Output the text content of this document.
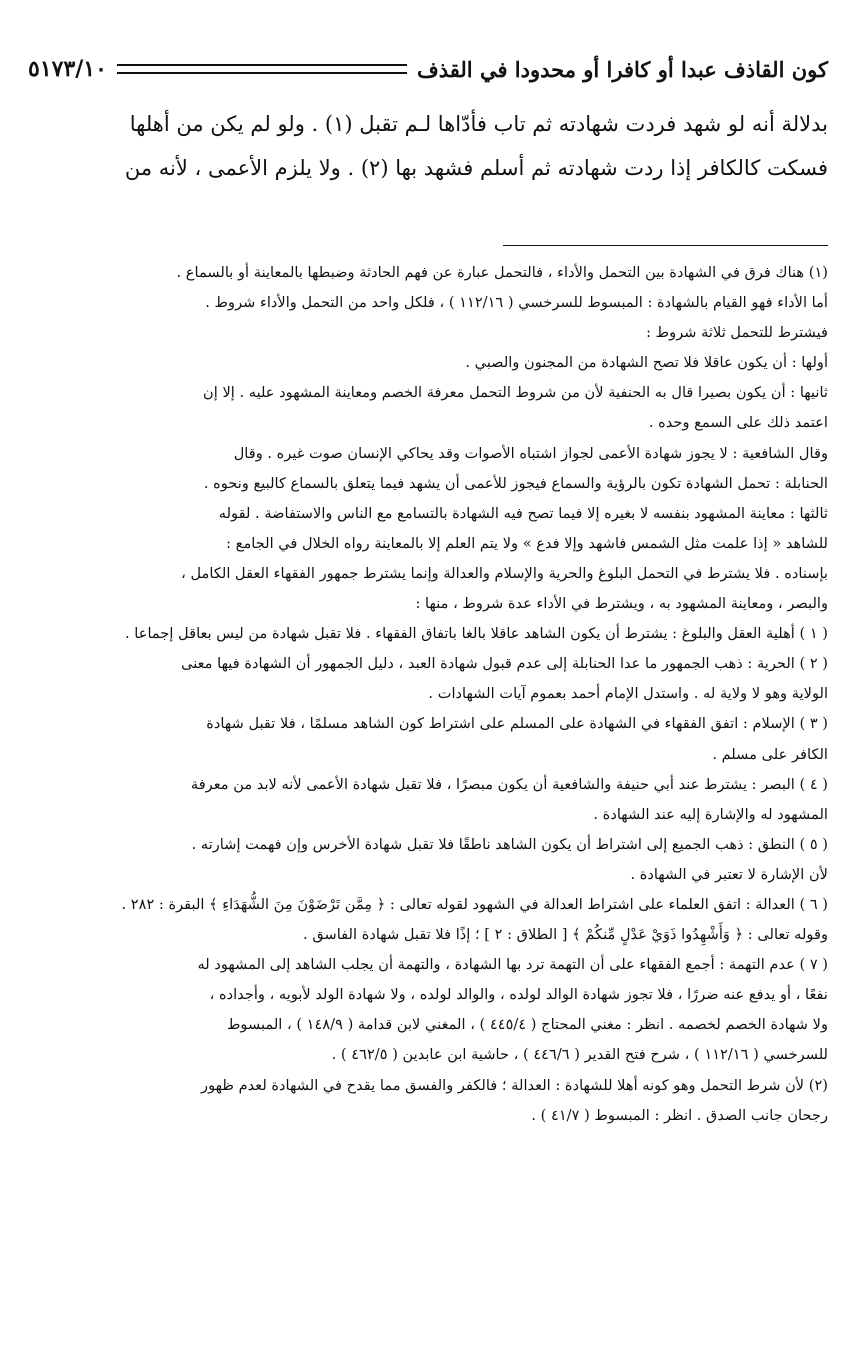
كون القاذف عبدا أو كافرا أو محدودا في القذف
٥١٧٣/١٠

بدلالة أنه لو شهد فردت شهادته ثم تاب فأدّاها لـم تقبل (١) . ولو لم يكن من أهلها

فسكت كالكافر إذا ردت شهادته ثم أسلم فشهد بها (٢) . ولا يلزم الأعمى ، لأنه من

(١) هناك فرق في الشهادة بين التحمل والأداء ، فالتحمل عبارة عن فهم الحادثة وضبطها بالمعاينة أو بالسماع .

أما الأداء فهو القيام بالشهادة : المبسوط للسرخسي ( ١١٢/١٦ ) ، فلكل واحد من التحمل والأداء شروط .

فيشترط للتحمل ثلاثة شروط :

أولها : أن يكون عاقلا فلا تصح الشهادة من المجنون والصبي .

ثانيها : أن يكون بصيرا قال به الحنفية لأن من شروط التحمل معرفة الخصم ومعاينة المشهود عليه . إلا إن

اعتمد ذلك على السمع وحده .

وقال الشافعية : لا يجوز شهادة الأعمى لجواز اشتباه الأصوات وقد يحاكي الإنسان صوت غيره . وقال

الحنابلة : تحمل الشهادة تكون بالرؤية والسماع فيجوز للأعمى أن يشهد فيما يتعلق بالسماع كالبيع ونحوه .

ثالثها : معاينة المشهود بنفسه لا بغيره إلا فيما تصح فيه الشهادة بالتسامع مع الناس والاستفاضة . لقوله

للشاهد « إذا علمت مثل الشمس فاشهد وإلا فدع » ولا يتم العلم إلا بالمعاينة رواه الخلال في الجامع :

بإسناده . فلا يشترط في التحمل البلوغ والحرية والإسلام والعدالة وإنما يشترط جمهور الفقهاء العقل الكامل ،

والبصر ، ومعاينة المشهود به ، ويشترط في الأداء عدة شروط ، منها :

( ١ ) أهلية العقل والبلوغ : يشترط أن يكون الشاهد عاقلا بالغا باتفاق الفقهاء . فلا تقبل شهادة من ليس بعاقل إجماعا .

( ٢ ) الحرية : ذهب الجمهور ما عدا الحنابلة إلى عدم قبول شهادة العبد ، دليل الجمهور أن الشهادة فيها معنى

الولاية وهو لا ولاية له . واستدل الإمام أحمد بعموم آيات الشهادات .

( ٣ ) الإسلام : اتفق الفقهاء في الشهادة على المسلم على اشتراط كون الشاهد مسلمًا ، فلا تقبل شهادة

الكافر على مسلم .

( ٤ ) البصر : يشترط عند أبي حنيفة والشافعية أن يكون مبصرًا ، فلا تقبل شهادة الأعمى لأنه لابد من معرفة

المشهود له والإشارة إليه عند الشهادة .

( ٥ ) النطق : ذهب الجميع إلى اشتراط أن يكون الشاهد ناطقًا فلا تقبل شهادة الأخرس وإن فهمت إشارته .

لأن الإشارة لا تعتبر في الشهادة .

( ٦ ) العدالة : اتفق العلماء على اشتراط العدالة في الشهود لقوله تعالى : ﴿ مِمَّن تَرْضَوْنَ مِنَ الشُّهَدَاءِ ﴾ البقرة : ٢٨٢ .

وقوله تعالى : ﴿ وَأَشْهِدُوا ذَوَيْ عَدْلٍ مِّنكُمْ ﴾ [ الطلاق : ٢ ] ؛ إذًا فلا تقبل شهادة الفاسق .

( ٧ ) عدم التهمة : أجمع الفقهاء على أن التهمة ترد بها الشهادة ، والتهمة أن يجلب الشاهد إلى المشهود له

نفعًا ، أو يدفع عنه ضررًا ، فلا تجوز شهادة الوالد لولده ، والوالد لولده ، ولا شهادة الولد لأبويه ، وأجداده ،

ولا شهادة الخصم لخصمه . انظر : مغني المحتاج ( ٤٤٥/٤ ) ، المغني لابن قدامة ( ١٤٨/٩ ) ، المبسوط

للسرخسي ( ١١٢/١٦ ) ، شرح فتح القدير ( ٤٤٦/٦ ) ، حاشية ابن عابدين ( ٤٦٢/٥ ) .

(٢) لأن شرط التحمل وهو كونه أهلا للشهادة : العدالة ؛ فالكفر والفسق مما يقدح في الشهادة لعدم ظهور

رجحان جانب الصدق . انظر : المبسوط ( ٤١/٧ ) .
